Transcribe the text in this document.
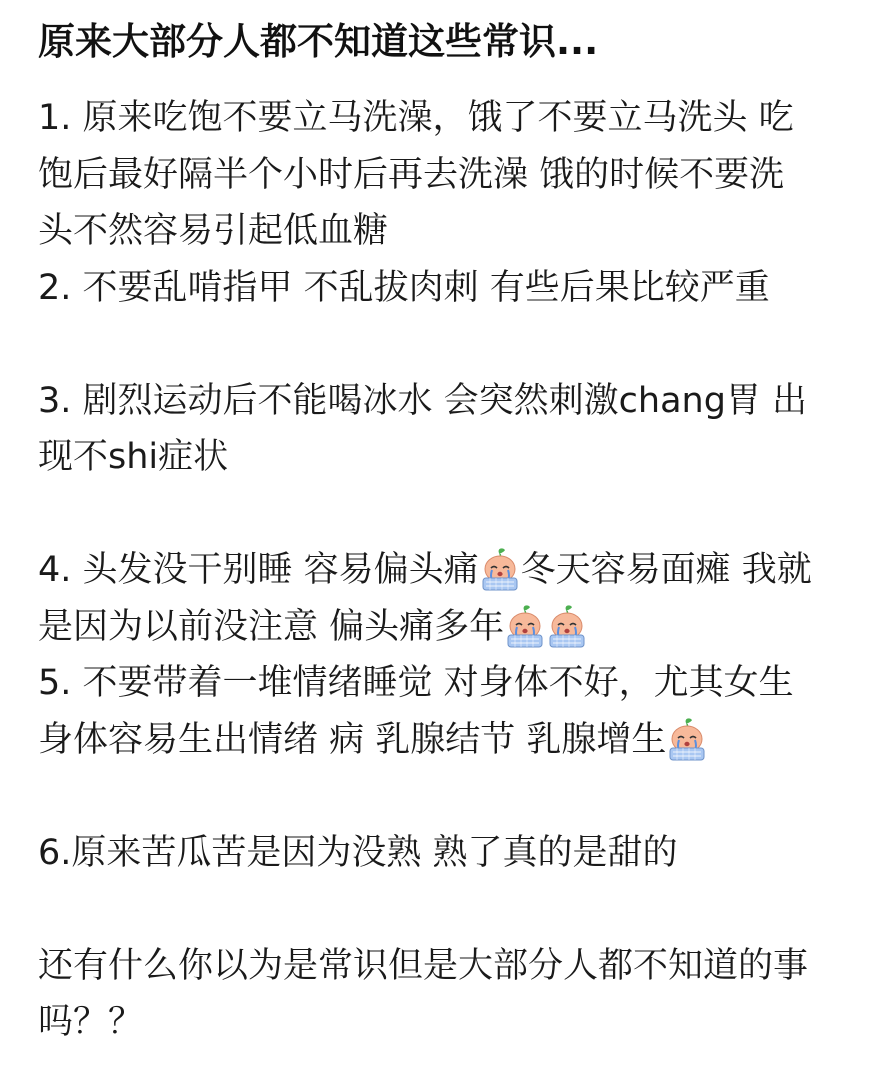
原来大部分人都不知道这些常识...
1. 原来吃饱不要立马洗澡，饿了不要立马洗头 吃
饱后最好隔半个小时后再去洗澡 饿的时候不要洗
头不然容易引起低血糖
2. 不要乱啃指甲 不乱拔肉刺 有些后果比较严重
3. 剧烈运动后不能喝冰水 会突然刺激chang胃 出
现不shi症状
4. 头发没干别睡 容易偏头痛 冬天容易面瘫 我就
是因为以前没注意 偏头痛多年
5. 不要带着一堆情绪睡觉 对身体不好，尤其女生
身体容易生出情绪 病 乳腺结节 乳腺增生
6.原来苦瓜苦是因为没熟 熟了真的是甜的
还有什么你以为是常识但是大部分人都不知道的事
吗？？
